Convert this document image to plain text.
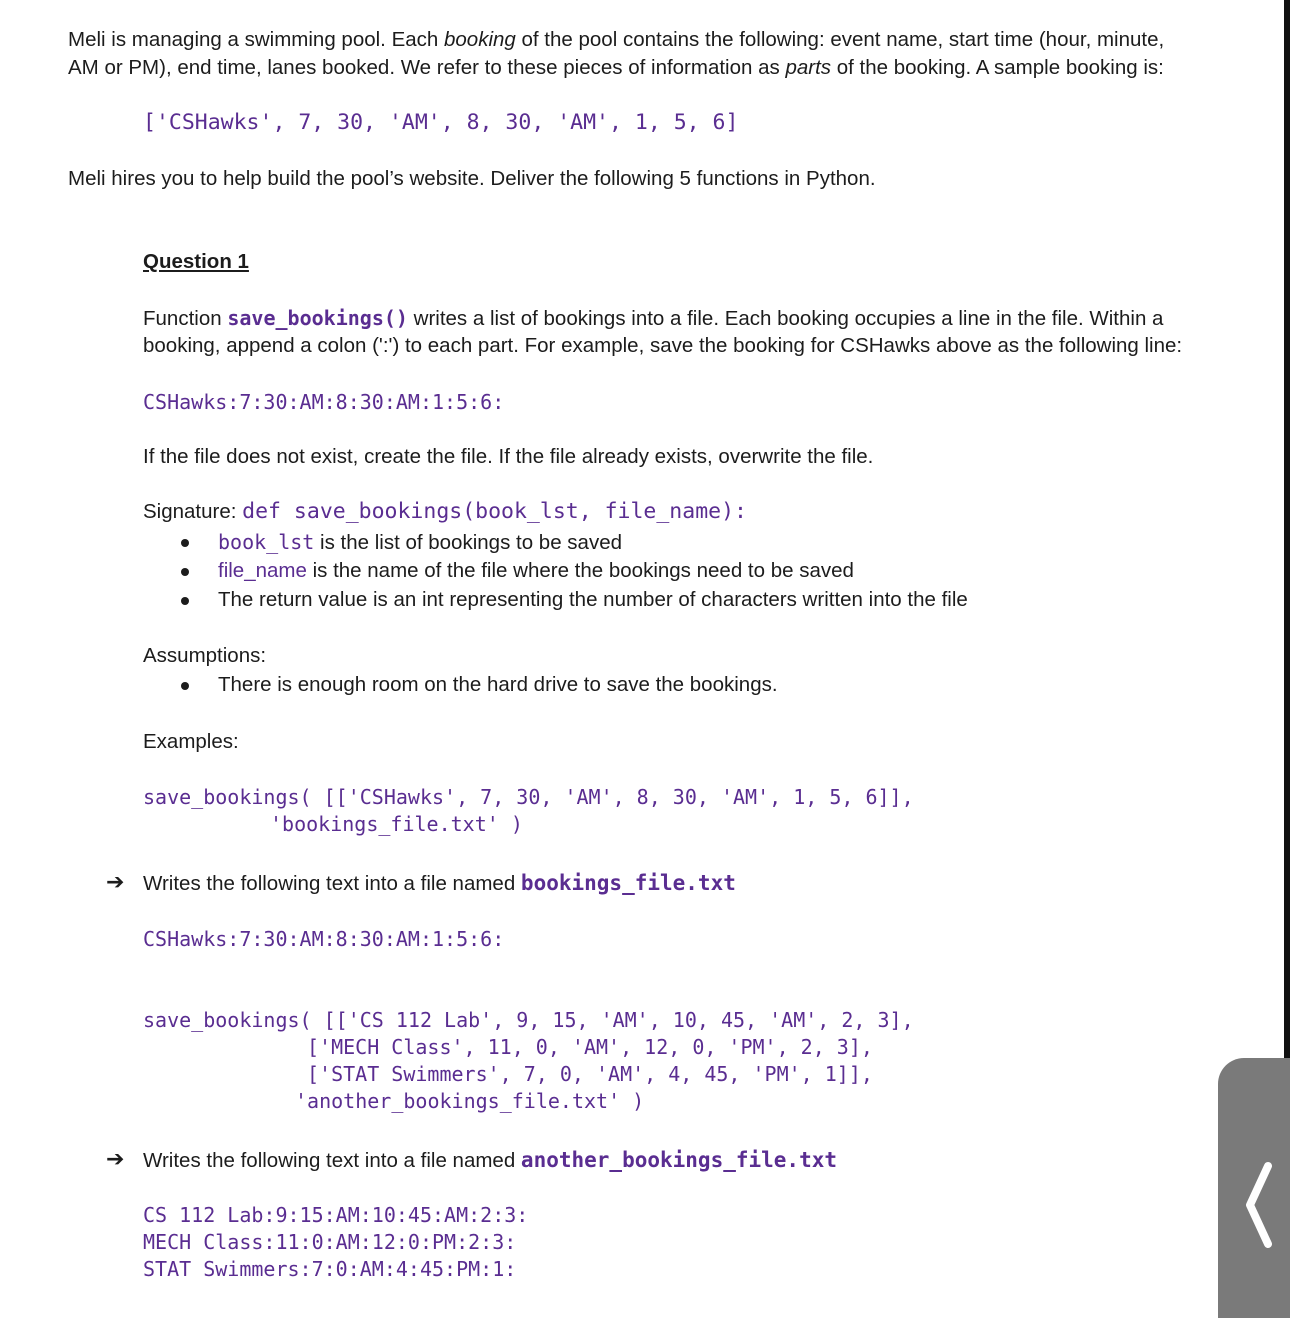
Meli is managing a swimming pool. Each booking of the pool contains the following: event name, start time (hour, minute,
AM or PM), end time, lanes booked. We refer to these pieces of information as parts of the booking. A sample booking is:
['CSHawks', 7, 30, 'AM', 8, 30, 'AM', 1, 5, 6]
Meli hires you to help build the pool’s website. Deliver the following 5 functions in Python.
Question 1
Function save_bookings() writes a list of bookings into a file. Each booking occupies a line in the file. Within a
booking, append a colon (':') to each part. For example, save the booking for CSHawks above as the following line:
CSHawks:7:30:AM:8:30:AM:1:5:6:
If the file does not exist, create the file. If the file already exists, overwrite the file.
Signature: def save_bookings(book_lst, file_name):
book_lst is the list of bookings to be saved
file_name is the name of the file where the bookings need to be saved
The return value is an int representing the number of characters written into the file
Assumptions:
There is enough room on the hard drive to save the bookings.
Examples:
save_bookings( [['CSHawks', 7, 30, 'AM', 8, 30, 'AM', 1, 5, 6]],
'bookings_file.txt' )
➔ Writes the following text into a file named bookings_file.txt
CSHawks:7:30:AM:8:30:AM:1:5:6:
save_bookings( [['CS 112 Lab', 9, 15, 'AM', 10, 45, 'AM', 2, 3],
['MECH Class', 11, 0, 'AM', 12, 0, 'PM', 2, 3],
['STAT Swimmers', 7, 0, 'AM', 4, 45, 'PM', 1]],
'another_bookings_file.txt' )
➔ Writes the following text into a file named another_bookings_file.txt
CS 112 Lab:9:15:AM:10:45:AM:2:3:
MECH Class:11:0:AM:12:0:PM:2:3:
STAT Swimmers:7:0:AM:4:45:PM:1:
